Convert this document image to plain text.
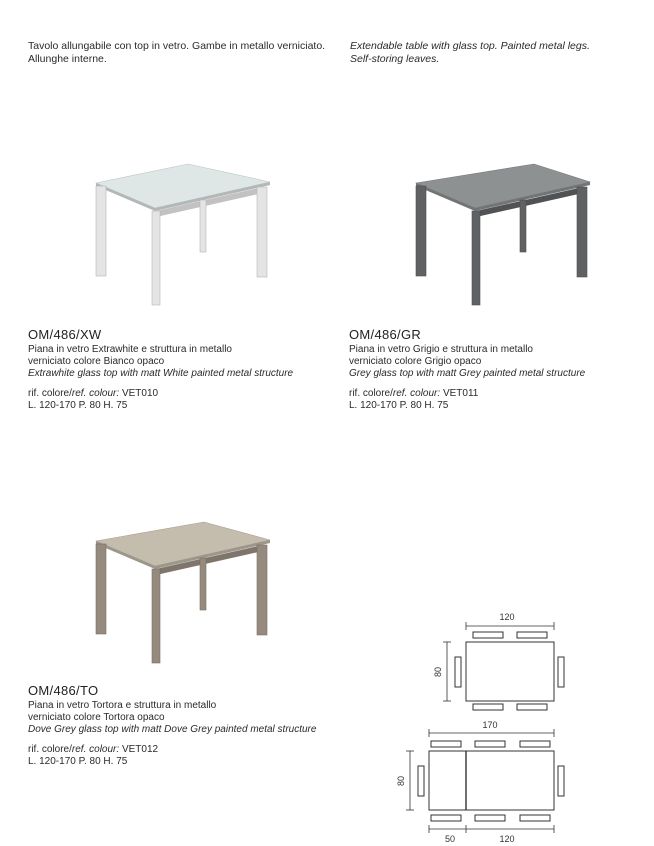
Tavolo allungabile con top in vetro. Gambe in metallo verniciato.
Allunghe interne.
Extendable table with glass top. Painted metal legs.
Self-storing leaves.
OM/486/XW
Piana in vetro Extrawhite e struttura in metallo
verniciato colore Bianco opaco
Extrawhite glass top with matt White painted metal structure
rif. colore/ref. colour: VET010
L. 120-170 P. 80 H. 75
OM/486/GR
Piana in vetro Grigio e struttura in metallo
verniciato colore Grigio opaco
Grey glass top with matt Grey painted metal structure
rif. colore/ref. colour: VET011
L. 120-170 P. 80 H. 75
OM/486/TO
Piana in vetro Tortora e struttura in metallo
verniciato colore Tortora opaco
Dove Grey glass top with matt Dove Grey painted metal structure
rif. colore/ref. colour: VET012
L. 120-170 P. 80 H. 75
120
80
170
80
50	120
